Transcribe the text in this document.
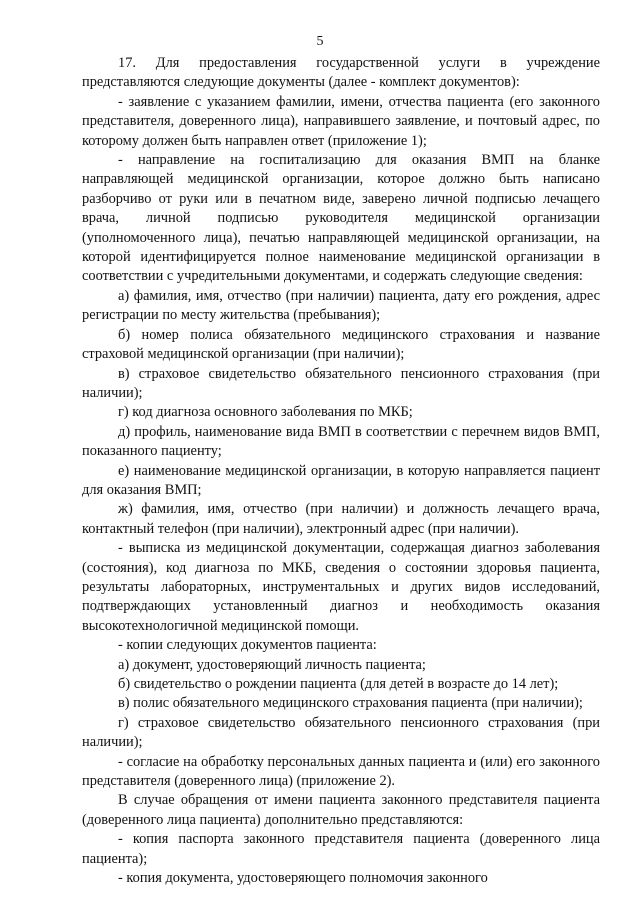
5

17. Для предоставления государственной услуги в учреждение представляются следующие документы (далее - комплект документов):

- заявление с указанием фамилии, имени, отчества пациента (его законного представителя, доверенного лица), направившего заявление, и почтовый адрес, по которому должен быть направлен ответ (приложение 1);

- направление на госпитализацию для оказания ВМП на бланке направляющей медицинской организации, которое должно быть написано разборчиво от руки или в печатном виде, заверено личной подписью лечащего врача, личной подписью руководителя медицинской организации (уполномоченного лица), печатью направляющей медицинской организации, на которой идентифицируется полное наименование медицинской организации в соответствии с учредительными документами, и содержать следующие сведения:

а) фамилия, имя, отчество (при наличии) пациента, дату его рождения, адрес регистрации по месту жительства (пребывания);

б) номер полиса обязательного медицинского страхования и название страховой медицинской организации (при наличии);

в) страховое свидетельство обязательного пенсионного страхования (при наличии);

г) код диагноза основного заболевания по МКБ;

д) профиль, наименование вида ВМП в соответствии с перечнем видов ВМП, показанного пациенту;

е) наименование медицинской организации, в которую направляется пациент для оказания ВМП;

ж) фамилия, имя, отчество (при наличии) и должность лечащего врача, контактный телефон (при наличии), электронный адрес (при наличии).

- выписка из медицинской документации, содержащая диагноз заболевания (состояния), код диагноза по МКБ, сведения о состоянии здоровья пациента, результаты лабораторных, инструментальных и других видов исследований, подтверждающих установленный диагноз и необходимость оказания высокотехнологичной медицинской помощи.

- копии следующих документов пациента:

а) документ, удостоверяющий личность пациента;

б) свидетельство о рождении пациента (для детей в возрасте до 14 лет);

в) полис обязательного медицинского страхования пациента (при наличии);

г) страховое свидетельство обязательного пенсионного страхования (при наличии);

- согласие на обработку персональных данных пациента и (или) его законного представителя (доверенного лица) (приложение 2).

В случае обращения от имени пациента законного представителя пациента (доверенного лица пациента) дополнительно представляются:

- копия паспорта законного представителя пациента (доверенного лица пациента);

- копия документа, удостоверяющего полномочия законного
